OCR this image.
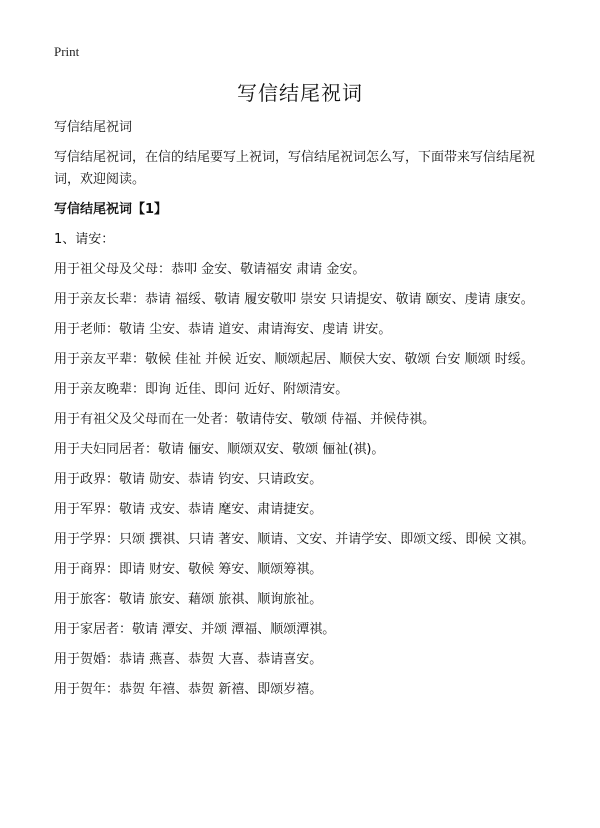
Print
写信结尾祝词

写信结尾祝词

写信结尾祝词，在信的结尾要写上祝词，写信结尾祝词怎么写，下面带来写信结尾祝词，欢迎阅读。

写信结尾祝词【1】

1、请安：

用于祖父母及父母：恭叩 金安、敬请福安 肃请 金安。
用于亲友长辈：恭请 福绥、敬请 履安敬叩 崇安 只请提安、敬请 颐安、虔请 康安。
用于老师：敬请 尘安、恭请 道安、肃请海安、虔请 讲安。
用于亲友平辈：敬候 佳祉 并候 近安、顺颂起居、顺侯大安、敬颂 台安 顺颂 时绥。
用于亲友晚辈：即询 近佳、即问 近好、附颂清安。
用于有祖父及父母而在一处者：敬请侍安、敬颂 侍福、并候侍祺。
用于夫妇同居者：敬请 俪安、顺颂双安、敬颂 俪祉(祺)。
用于政界：敬请 勋安、恭请 钧安、只请政安。
用于军界：敬请 戎安、恭请 麾安、肃请捷安。
用于学界：只颂 撰祺、只请 著安、顺请、文安、并请学安、即颂文绥、即候 文祺。
用于商界：即请 财安、敬候 筹安、顺颂筹祺。
用于旅客：敬请 旅安、藉颂 旅祺、顺询旅祉。
用于家居者：敬请 潭安、并颂 潭福、顺颂潭祺。
用于贺婚：恭请 燕喜、恭贺 大喜、恭请喜安。
用于贺年：恭贺 年禧、恭贺 新禧、即颂岁禧。
